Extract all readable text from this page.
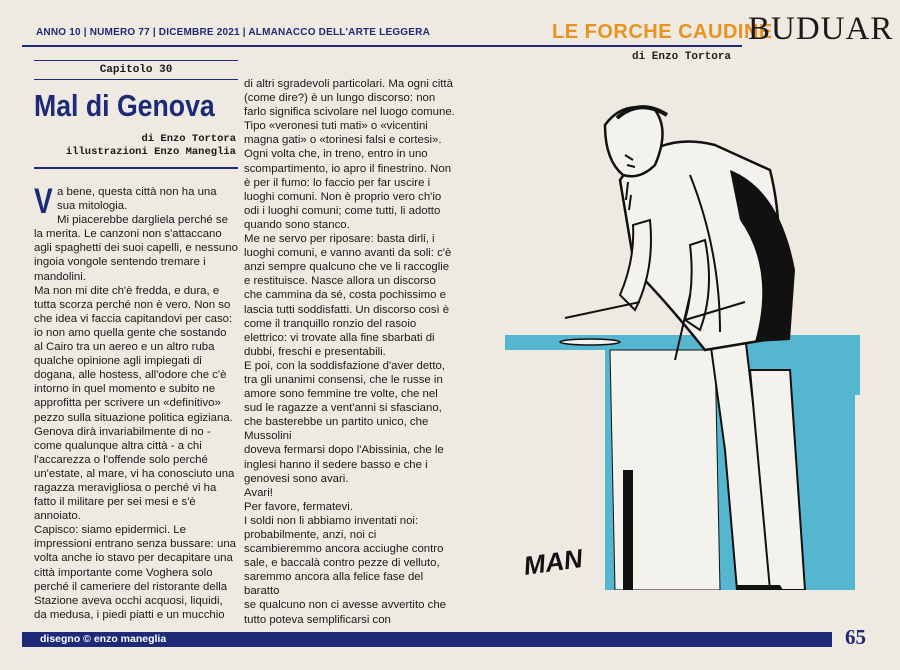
ANNO 10 | NUMERO 77 | DICEMBRE 2021 | ALMANACCO DELL'ARTE LEGGERA	LE FORCHE CAUDINE
BUDUAR
di Enzo Tortora
Capitolo 30
Mal di Genova
di Enzo Tortora
illustrazioni Enzo Maneglia

Va bene, questa città non ha una sua mitologia.

Mi piacerebbe dargliela perché se la merita. Le canzoni non s'attaccano agli spaghetti dei suoi capelli, e nessuno ingoia vongole sentendo tremare i mandolini.

Ma non mi dite ch'è fredda, e dura, e tutta scorza perché non è vero. Non so che idea vi faccia capitandovi per caso: io non amo quella gente che sostando al Cairo tra un aereo e un altro ruba qualche opinione agli impiegati di dogana, alle hostess, all'odore che c'è intorno in quel momento e subito ne approfitta per scrivere un «definitivo» pezzo sulla situazione politica egiziana.

Genova dirà invariabilmente di no - come qualunque altra città - a chi l'accarezza o l'offende solo perché un'estate, al mare, vi ha conosciuto una ragazza meravigliosa o perché vi ha fatto il militare per sei mesi e s'è annoiato.

Capisco: siamo epidermici. Le impressioni entrano senza bussare: una volta anche io stavo per decapitare una città importante come Voghera solo perché il cameriere del ristorante della

Stazione aveva occhi acquosi, liquidi, da medusa, i piedi piatti e un mucchio

di altri sgradevoli particolari. Ma ogni città (come dire?) è un lungo discorso: non farlo significa scivolare nel luogo comune. Tipo «veronesi tuti mati» o «vicentini magna gati» o «torinesi falsi e cortesi». Ogni volta che, in treno, entro in uno scompartimento, io apro il finestrino. Non è per il fumo: lo faccio per far uscire i luoghi comuni. Non è proprio vero ch'io odi i luoghi comuni; come tutti, li adotto quando sono stanco.

Me ne servo per riposare: basta dirli, i luoghi comuni, e vanno avanti da soli: c'è anzi sempre qualcuno che ve li raccoglie e restituisce. Nasce allora un discorso che cammina da sé, costa pochissimo e lascia tutti soddisfatti. Un discorso così è come il tranquillo ronzio del rasoio elettrico: vi trovate alla fine sbarbati di dubbi, freschi e presentabili.

E poi, con la soddisfazione d'aver detto, tra gli unanimi consensi, che le russe in amore sono femmine tre volte, che nel sud le ragazze a vent'anni si sfasciano, che basterebbe un partito unico, che Mussolini

doveva fermarsi dopo l'Abissinia, che le inglesi hanno il sedere basso e che i genovesi sono avari.

Avari!

Per favore, fermatevi.

I soldi non li abbiamo inventati noi: probabilmente, anzi, noi ci scambieremmo ancora acciughe contro sale, e baccalà contro pezze di velluto, saremmo ancora alla felice fase del baratto

se qualcuno non ci avesse avvertito che tutto poteva semplificarsi con

MAN
disegno © enzo maneglia	65
